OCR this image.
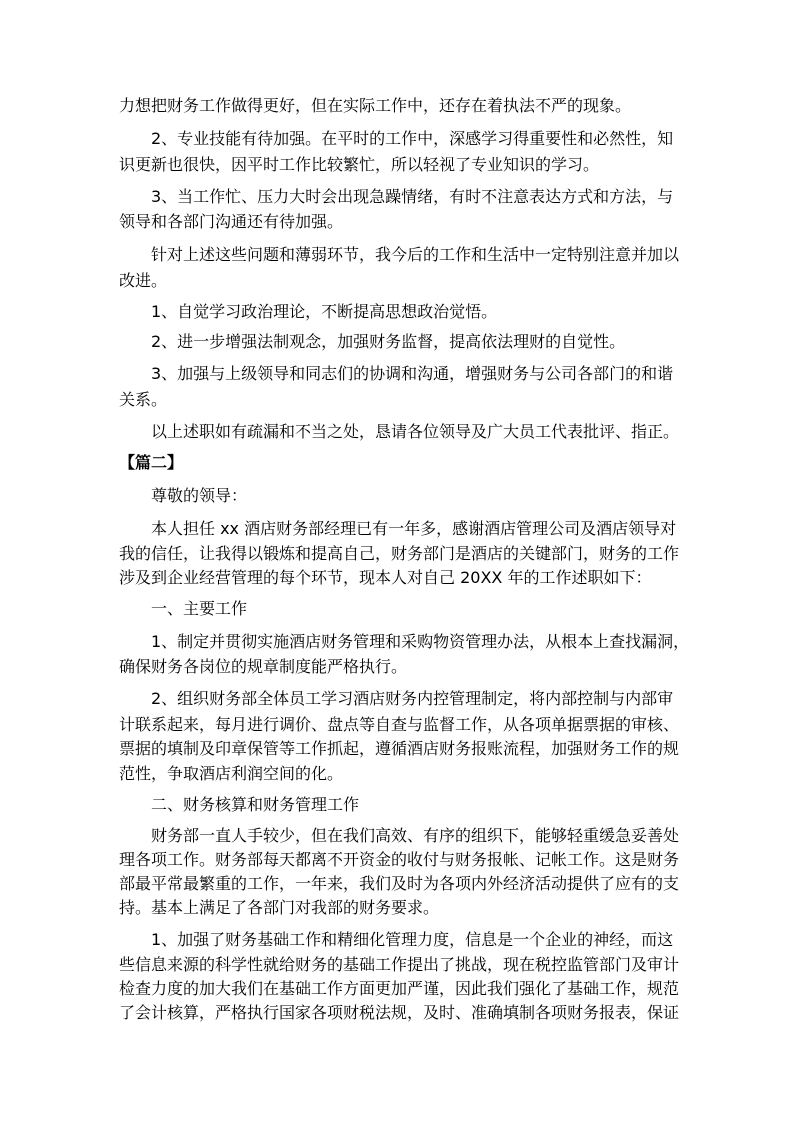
力想把财务工作做得更好，但在实际工作中，还存在着执法不严的现象。
2、专业技能有待加强。在平时的工作中，深感学习得重要性和必然性，知
识更新也很快，因平时工作比较繁忙，所以轻视了专业知识的学习。
3、当工作忙、压力大时会出现急躁情绪，有时不注意表达方式和方法，与
领导和各部门沟通还有待加强。
针对上述这些问题和薄弱环节，我今后的工作和生活中一定特别注意并加以
改进。
1、自觉学习政治理论，不断提高思想政治觉悟。
2、进一步增强法制观念，加强财务监督，提高依法理财的自觉性。
3、加强与上级领导和同志们的协调和沟通，增强财务与公司各部门的和谐
关系。
以上述职如有疏漏和不当之处，恳请各位领导及广大员工代表批评、指正。
【篇二】
尊敬的领导：
本人担任 xx 酒店财务部经理已有一年多，感谢酒店管理公司及酒店领导对
我的信任，让我得以锻炼和提高自己，财务部门是酒店的关键部门，财务的工作
涉及到企业经营管理的每个环节，现本人对自己 20XX 年的工作述职如下：
一、主要工作
1、制定并贯彻实施酒店财务管理和采购物资管理办法，从根本上查找漏洞，
确保财务各岗位的规章制度能严格执行。
2、组织财务部全体员工学习酒店财务内控管理制定，将内部控制与内部审
计联系起来，每月进行调价、盘点等自查与监督工作，从各项单据票据的审核、
票据的填制及印章保管等工作抓起，遵循酒店财务报账流程，加强财务工作的规
范性，争取酒店利润空间的化。
二、财务核算和财务管理工作
财务部一直人手较少，但在我们高效、有序的组织下，能够轻重缓急妥善处
理各项工作。财务部每天都离不开资金的收付与财务报帐、记帐工作。这是财务
部最平常最繁重的工作，一年来，我们及时为各项内外经济活动提供了应有的支
持。基本上满足了各部门对我部的财务要求。
1、加强了财务基础工作和精细化管理力度，信息是一个企业的神经，而这
些信息来源的科学性就给财务的基础工作提出了挑战，现在税控监管部门及审计
检查力度的加大我们在基础工作方面更加严谨，因此我们强化了基础工作，规范
了会计核算，严格执行国家各项财税法规，及时、准确填制各项财务报表，保证
